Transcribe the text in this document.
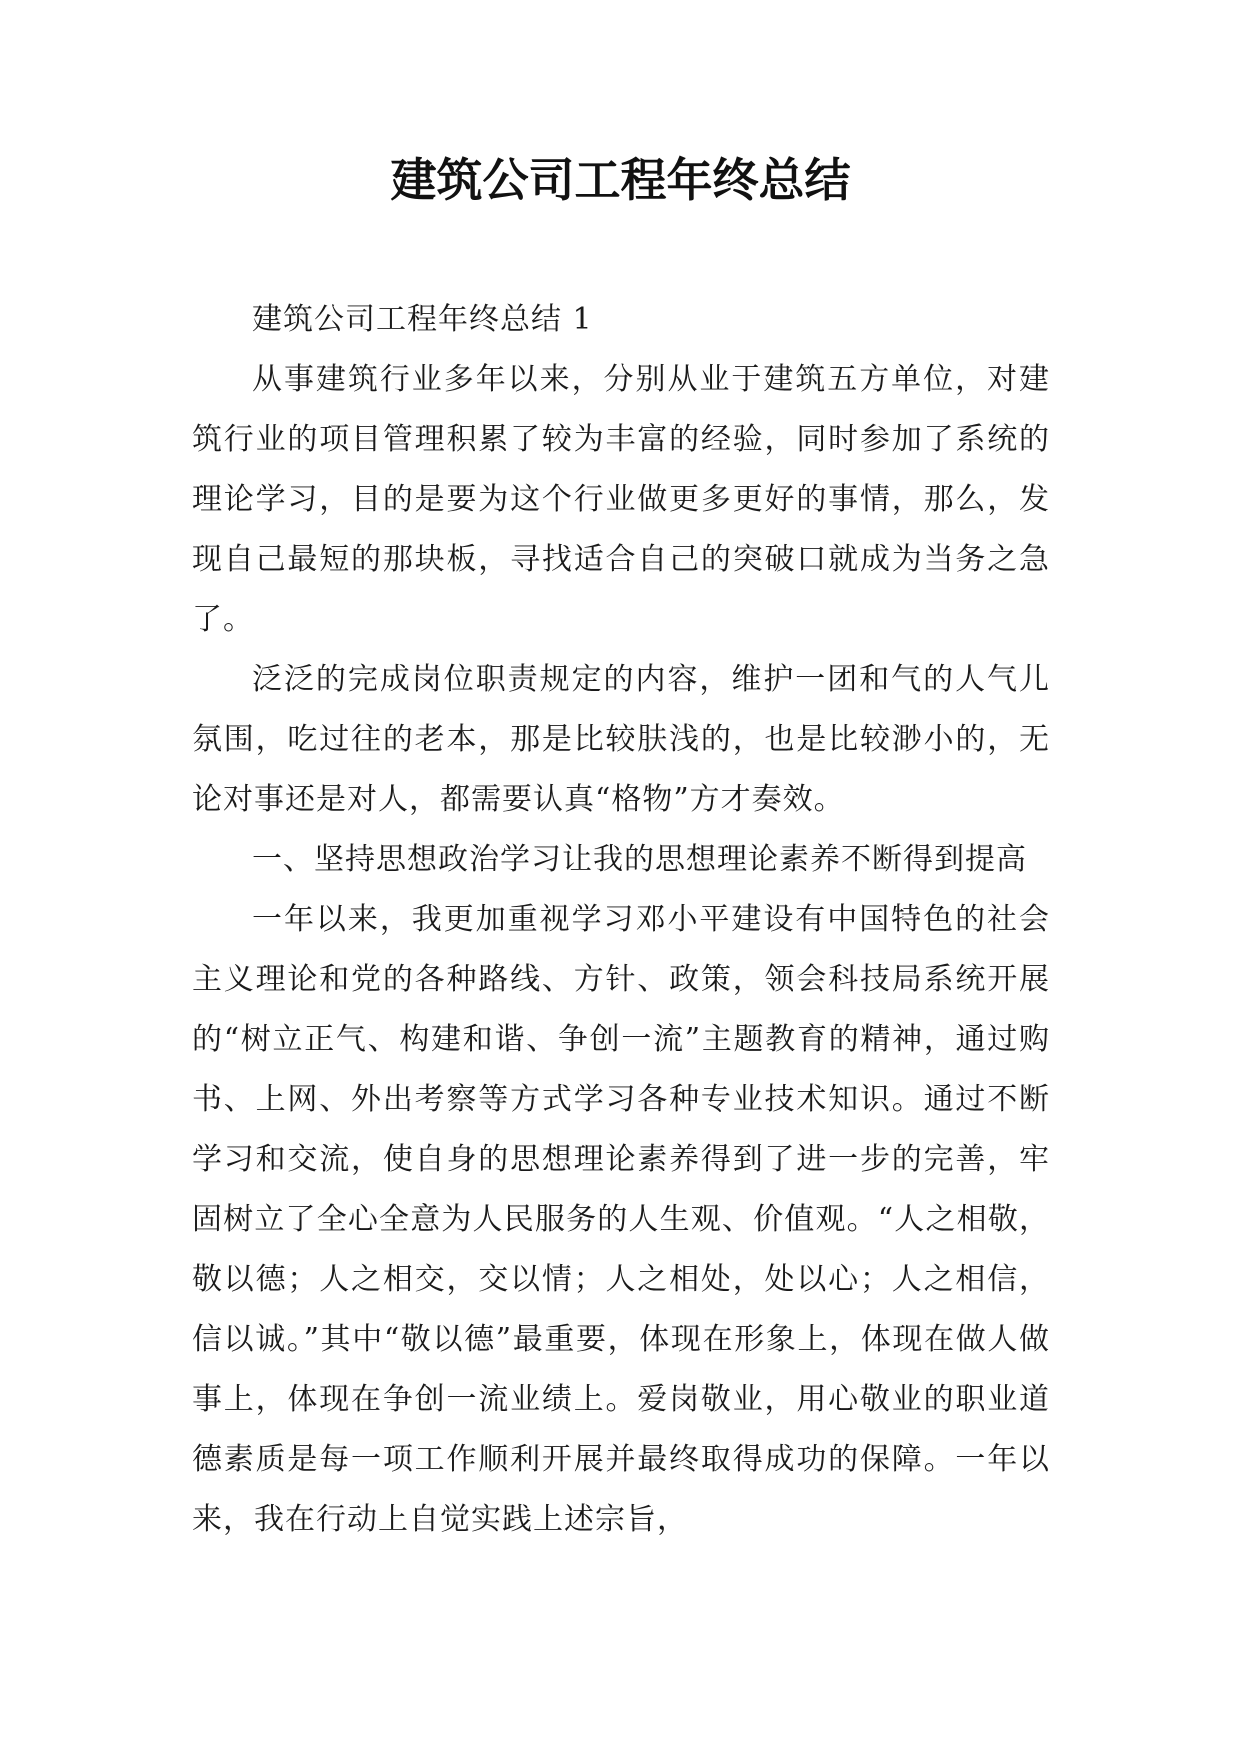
建筑公司工程年终总结

建筑公司工程年终总结 1

从事建筑行业多年以来，分别从业于建筑五方单位，对建筑行业的项目管理积累了较为丰富的经验，同时参加了系统的理论学习，目的是要为这个行业做更多更好的事情，那么，发现自己最短的那块板，寻找适合自己的突破口就成为当务之急了。

泛泛的完成岗位职责规定的内容，维护一团和气的人气儿氛围，吃过往的老本，那是比较肤浅的，也是比较渺小的，无论对事还是对人，都需要认真“格物”方才奏效。

一、坚持思想政治学习让我的思想理论素养不断得到提高

一年以来，我更加重视学习邓小平建设有中国特色的社会主义理论和党的各种路线、方针、政策，领会科技局系统开展的“树立正气、构建和谐、争创一流”主题教育的精神，通过购书、上网、外出考察等方式学习各种专业技术知识。通过不断学习和交流，使自身的思想理论素养得到了进一步的完善，牢固树立了全心全意为人民服务的人生观、价值观。“人之相敬，敬以德；人之相交，交以情；人之相处，处以心；人之相信，信以诚。”其中“敬以德”最重要，体现在形象上，体现在做人做事上，体现在争创一流业绩上。爱岗敬业，用心敬业的职业道德素质是每一项工作顺利开展并最终取得成功的保障。一年以来，我在行动上自觉实践上述宗旨，
